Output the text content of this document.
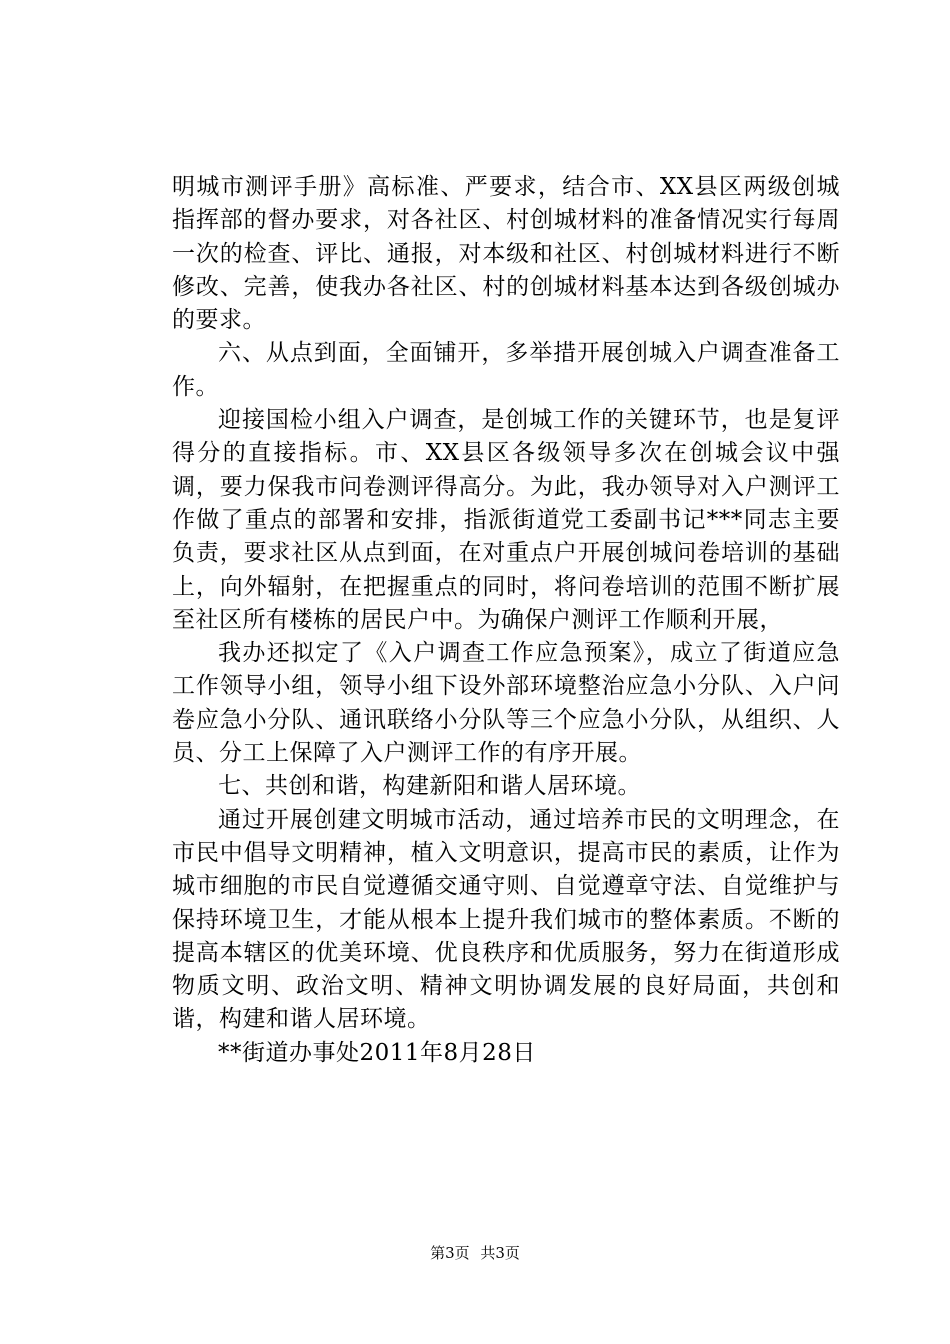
明城市测评手册》高标准、严要求，结合市、XX县区两级创城指挥部的督办要求，对各社区、村创城材料的准备情况实行每周一次的检查、评比、通报，对本级和社区、村创城材料进行不断修改、完善，使我办各社区、村的创城材料基本达到各级创城办的要求。

六、从点到面，全面铺开，多举措开展创城入户调查准备工作。

迎接国检小组入户调查，是创城工作的关键环节，也是复评得分的直接指标。市、XX县区各级领导多次在创城会议中强调，要力保我市问卷测评得高分。为此，我办领导对入户测评工作做了重点的部署和安排，指派街道党工委副书记***同志主要负责，要求社区从点到面，在对重点户开展创城问卷培训的基础上，向外辐射，在把握重点的同时，将问卷培训的范围不断扩展至社区所有楼栋的居民户中。为确保户测评工作顺利开展，

我办还拟定了《入户调查工作应急预案》，成立了街道应急工作领导小组，领导小组下设外部环境整治应急小分队、入户问卷应急小分队、通讯联络小分队等三个应急小分队，从组织、人员、分工上保障了入户测评工作的有序开展。

七、共创和谐，构建新阳和谐人居环境。

通过开展创建文明城市活动，通过培养市民的文明理念，在市民中倡导文明精神，植入文明意识，提高市民的素质，让作为城市细胞的市民自觉遵循交通守则、自觉遵章守法、自觉维护与保持环境卫生，才能从根本上提升我们城市的整体素质。不断的提高本辖区的优美环境、优良秩序和优质服务，努力在街道形成物质文明、政治文明、精神文明协调发展的良好局面，共创和谐，构建和谐人居环境。

**街道办事处2011年8月28日

第3页 共3页
